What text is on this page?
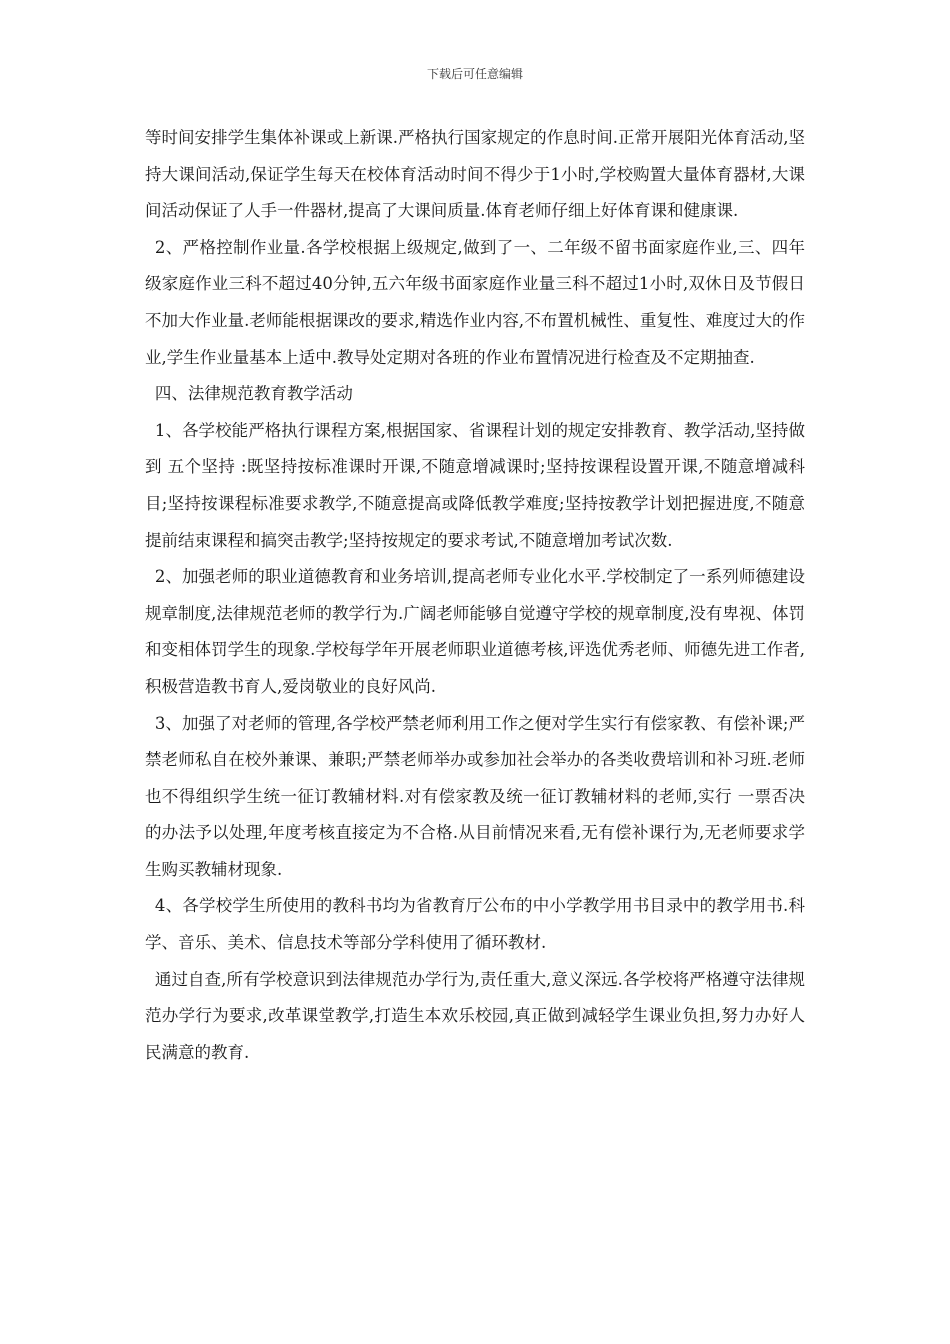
下载后可任意编辑

等时间安排学生集体补课或上新课.严格执行国家规定的作息时间.正常开展阳光体育活动,坚持大课间活动,保证学生每天在校体育活动时间不得少于1小时,学校购置大量体育器材,大课间活动保证了人手一件器材,提高了大课间质量.体育老师仔细上好体育课和健康课.

2、严格控制作业量.各学校根据上级规定,做到了一、二年级不留书面家庭作业,三、四年级家庭作业三科不超过40分钟,五六年级书面家庭作业量三科不超过1小时,双休日及节假日不加大作业量.老师能根据课改的要求,精选作业内容,不布置机械性、重复性、难度过大的作业,学生作业量基本上适中.教导处定期对各班的作业布置情况进行检查及不定期抽查.

四、法律规范教育教学活动

1、各学校能严格执行课程方案,根据国家、省课程计划的规定安排教育、教学活动,坚持做到 五个坚持 :既坚持按标准课时开课,不随意增减课时;坚持按课程设置开课,不随意增减科目;坚持按课程标准要求教学,不随意提高或降低教学难度;坚持按教学计划把握进度,不随意提前结束课程和搞突击教学;坚持按规定的要求考试,不随意增加考试次数.

2、加强老师的职业道德教育和业务培训,提高老师专业化水平.学校制定了一系列师德建设规章制度,法律规范老师的教学行为.广阔老师能够自觉遵守学校的规章制度,没有卑视、体罚和变相体罚学生的现象.学校每学年开展老师职业道德考核,评选优秀老师、师德先进工作者,积极营造教书育人,爱岗敬业的良好风尚.

3、加强了对老师的管理,各学校严禁老师利用工作之便对学生实行有偿家教、有偿补课;严禁老师私自在校外兼课、兼职;严禁老师举办或参加社会举办的各类收费培训和补习班.老师也不得组织学生统一征订教辅材料.对有偿家教及统一征订教辅材料的老师,实行 一票否决 的办法予以处理,年度考核直接定为不合格.从目前情况来看,无有偿补课行为,无老师要求学生购买教辅材现象.

4、各学校学生所使用的教科书均为省教育厅公布的中小学教学用书目录中的教学用书.科学、音乐、美术、信息技术等部分学科使用了循环教材.

通过自查,所有学校意识到法律规范办学行为,责任重大,意义深远.各学校将严格遵守法律规范办学行为要求,改革课堂教学,打造生本欢乐校园,真正做到减轻学生课业负担,努力办好人民满意的教育.
